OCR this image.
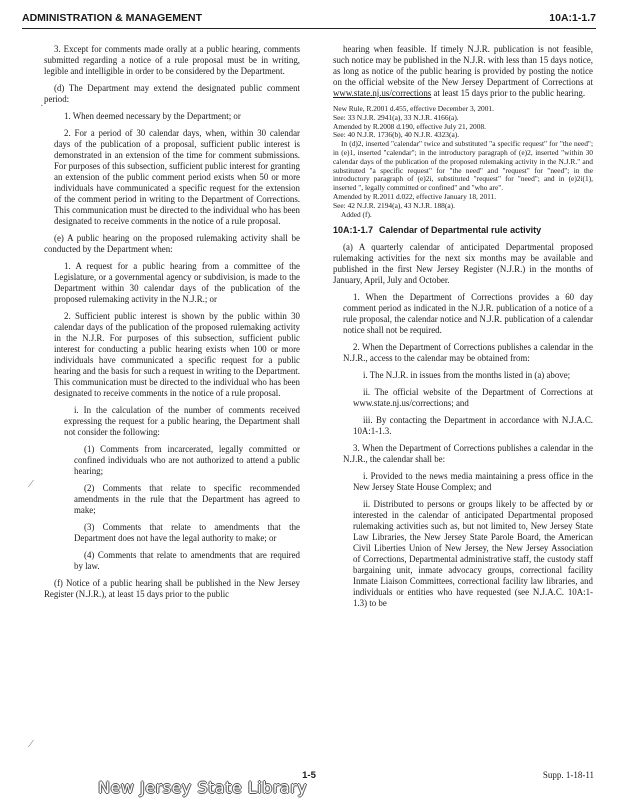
ADMINISTRATION & MANAGEMENT	10A:1-1.7

3. Except for comments made orally at a public hearing, comments submitted regarding a notice of a rule proposal must be in writing, legible and intelligible in order to be considered by the Department.

(d) The Department may extend the designated public comment period:

1. When deemed necessary by the Department; or

2. For a period of 30 calendar days, when, within 30 calendar days of the publication of a proposal, sufficient public interest is demonstrated in an extension of the time for comment submissions. For purposes of this subsection, sufficient public interest for granting an extension of the public comment period exists when 50 or more individuals have communicated a specific request for the extension of the comment period in writing to the Department of Corrections. This communication must be directed to the individual who has been designated to receive comments in the notice of a rule proposal.

(e) A public hearing on the proposed rulemaking activity shall be conducted by the Department when:

1. A request for a public hearing from a committee of the Legislature, or a governmental agency or subdivision, is made to the Department within 30 calendar days of the publication of the proposed rulemaking activity in the N.J.R.; or

2. Sufficient public interest is shown by the public within 30 calendar days of the publication of the proposed rulemaking activity in the N.J.R. For purposes of this subsection, sufficient public interest for conducting a public hearing exists when 100 or more individuals have communicated a specific request for a public hearing and the basis for such a request in writing to the Department. This communication must be directed to the individual who has been designated to receive comments in the notice of a rule proposal.

i. In the calculation of the number of comments received expressing the request for a public hearing, the Department shall not consider the following:

(1) Comments from incarcerated, legally committed or confined individuals who are not authorized to attend a public hearing;

(2) Comments that relate to specific recommended amendments in the rule that the Department has agreed to make;

(3) Comments that relate to amendments that the Department does not have the legal authority to make; or

(4) Comments that relate to amendments that are required by law.

(f) Notice of a public hearing shall be published in the New Jersey Register (N.J.R.), at least 15 days prior to the public

hearing when feasible. If timely N.J.R. publication is not feasible, such notice may be published in the N.J.R. with less than 15 days notice, as long as notice of the public hearing is provided by posting the notice on the official website of the New Jersey Department of Corrections at www.state.nj.us/corrections at least 15 days prior to the public hearing.

New Rule, R.2001 d.455, effective December 3, 2001.
See: 33 N.J.R. 2941(a), 33 N.J.R. 4166(a).
Amended by R.2008 d.190, effective July 21, 2008.
See: 40 N.J.R. 1736(b), 40 N.J.R. 4323(a).
In (d)2, inserted "calendar" twice and substituted "a specific request" for "the need"; in (e)1, inserted "calendar"; in the introductory paragraph of (e)2, inserted "within 30 calendar days of the publication of the proposed rulemaking activity in the N.J.R." and substituted "a specific request" for "the need" and "request" for "need"; in the introductory paragraph of (e)2i, substituted "request" for "need"; and in (e)2i(1), inserted ", legally committed or confined" and "who are".
Amended by R.2011 d.022, effective January 18, 2011.
See: 42 N.J.R. 2194(a), 43 N.J.R. 188(a).
Added (f).
10A:1-1.7 Calendar of Departmental rule activity

(a) A quarterly calendar of anticipated Departmental proposed rulemaking activities for the next six months may be available and published in the first New Jersey Register (N.J.R.) in the months of January, April, July and October.

1. When the Department of Corrections provides a 60 day comment period as indicated in the N.J.R. publication of a notice of a rule proposal, the calendar notice and N.J.R. publication of a calendar notice shall not be required.

2. When the Department of Corrections publishes a calendar in the N.J.R., access to the calendar may be obtained from:

i. The N.J.R. in issues from the months listed in (a) above;

ii. The official website of the Department of Corrections at www.state.nj.us/corrections; and

iii. By contacting the Department in accordance with N.J.A.C. 10A:1-1.3.

3. When the Department of Corrections publishes a calendar in the N.J.R., the calendar shall be:

i. Provided to the news media maintaining a press office in the New Jersey State House Complex; and

ii. Distributed to persons or groups likely to be affected by or interested in the calendar of anticipated Departmental proposed rulemaking activities such as, but not limited to, New Jersey State Law Libraries, the New Jersey State Parole Board, the American Civil Liberties Union of New Jersey, the New Jersey Association of Corrections, Departmental administrative staff, the custody staff bargaining unit, inmate advocacy groups, correctional facility Inmate Liaison Committees, correctional facility law libraries, and individuals or entities who have requested (see N.J.A.C. 10A:1-1.3) to be

·
⁄
⁄
1-5	Supp. 1-18-11
New Jersey State Library
